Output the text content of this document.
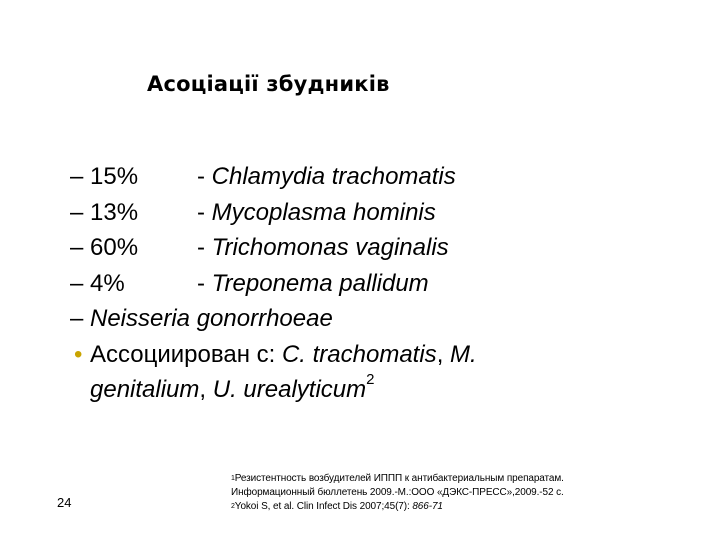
Асоціації збудників
– 15% - Chlamydia trachomatis
– 13% - Mycoplasma hominis
– 60% - Trichomonas vaginalis
– 4%	- Treponema pallidum
– Neisseria gonorrhoeae
• Ассоциирован с: C. trachomatis, M.
genitalium, U. urealyticum$^2$
24
$^1$Резистентность возбудителей ИППП к антибактериальным препаратам.
Информационный бюллетень 2009.-М.:ООО «ДЭКС-ПРЕСС»,2009.-52 с.
$^2$Yokoi S, et al. Clin Infect Dis 2007;45(7): 866-71
